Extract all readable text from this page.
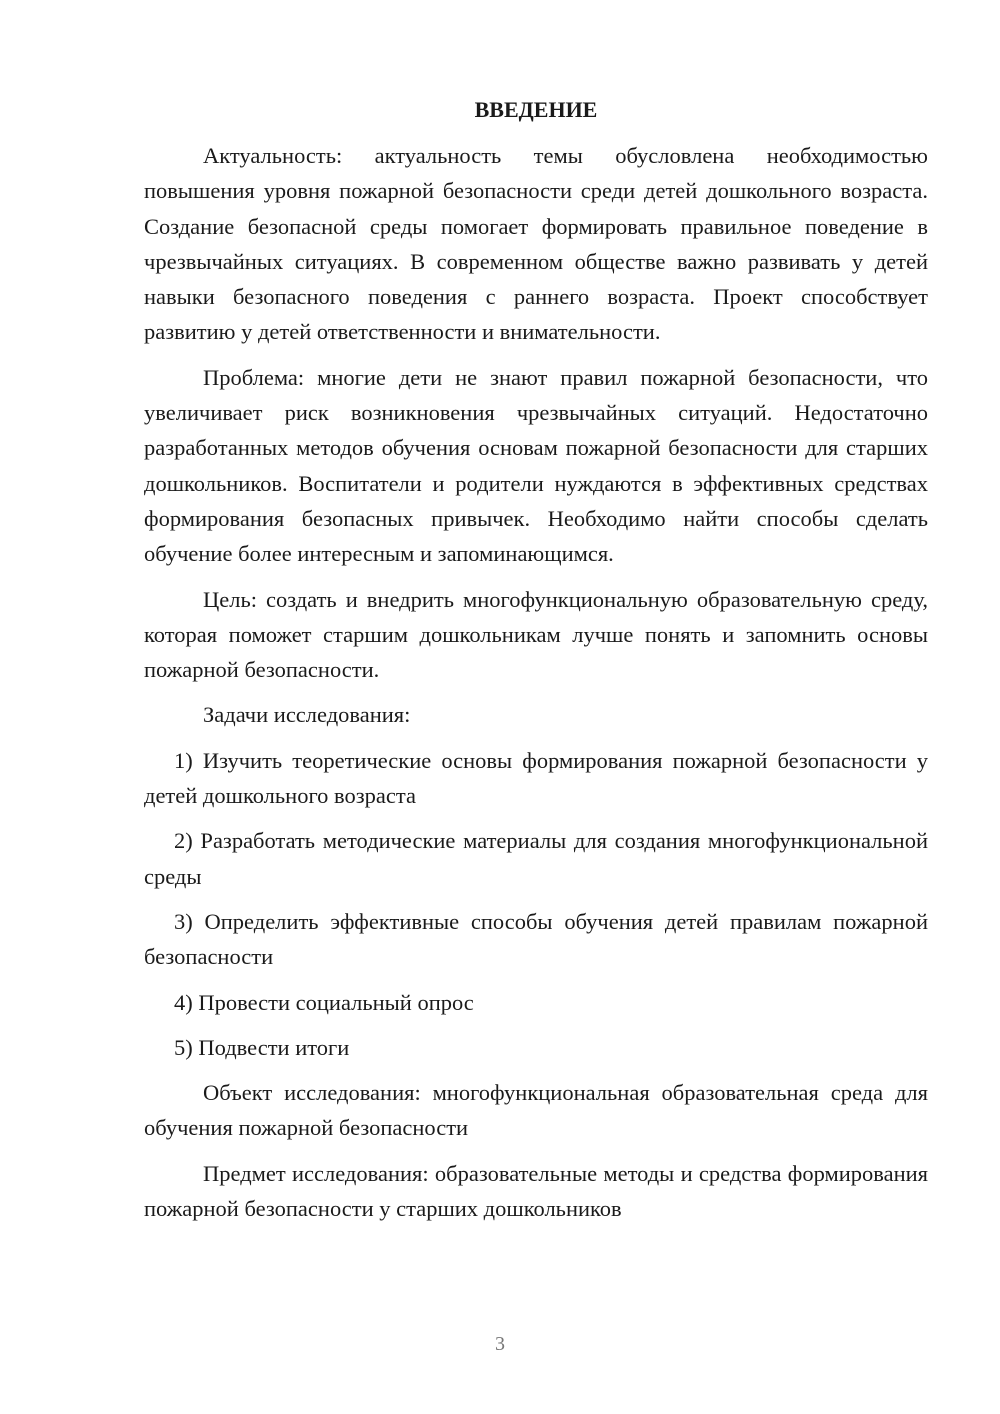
ВВЕДЕНИЕ

Актуальность: актуальность темы обусловлена необходимостью повышения уровня пожарной безопасности среди детей дошкольного возраста. Создание безопасной среды помогает формировать правильное поведение в чрезвычайных ситуациях. В современном обществе важно развивать у детей навыки безопасного поведения с раннего возраста. Проект способствует развитию у детей ответственности и внимательности.

Проблема: многие дети не знают правил пожарной безопасности, что увеличивает риск возникновения чрезвычайных ситуаций. Недостаточно разработанных методов обучения основам пожарной безопасности для старших дошкольников. Воспитатели и родители нуждаются в эффективных средствах формирования безопасных привычек. Необходимо найти способы сделать обучение более интересным и запоминающимся.

Цель: создать и внедрить многофункциональную образовательную среду, которая поможет старшим дошкольникам лучше понять и запомнить основы пожарной безопасности.

Задачи исследования:

1) Изучить теоретические основы формирования пожарной безопасности у детей дошкольного возраста

2) Разработать методические материалы для создания многофункциональной среды

3) Определить эффективные способы обучения детей правилам пожарной безопасности

4) Провести социальный опрос

5) Подвести итоги

Объект исследования: многофункциональная образовательная среда для обучения пожарной безопасности

Предмет исследования: образовательные методы и средства формирования пожарной безопасности у старших дошкольников

3
